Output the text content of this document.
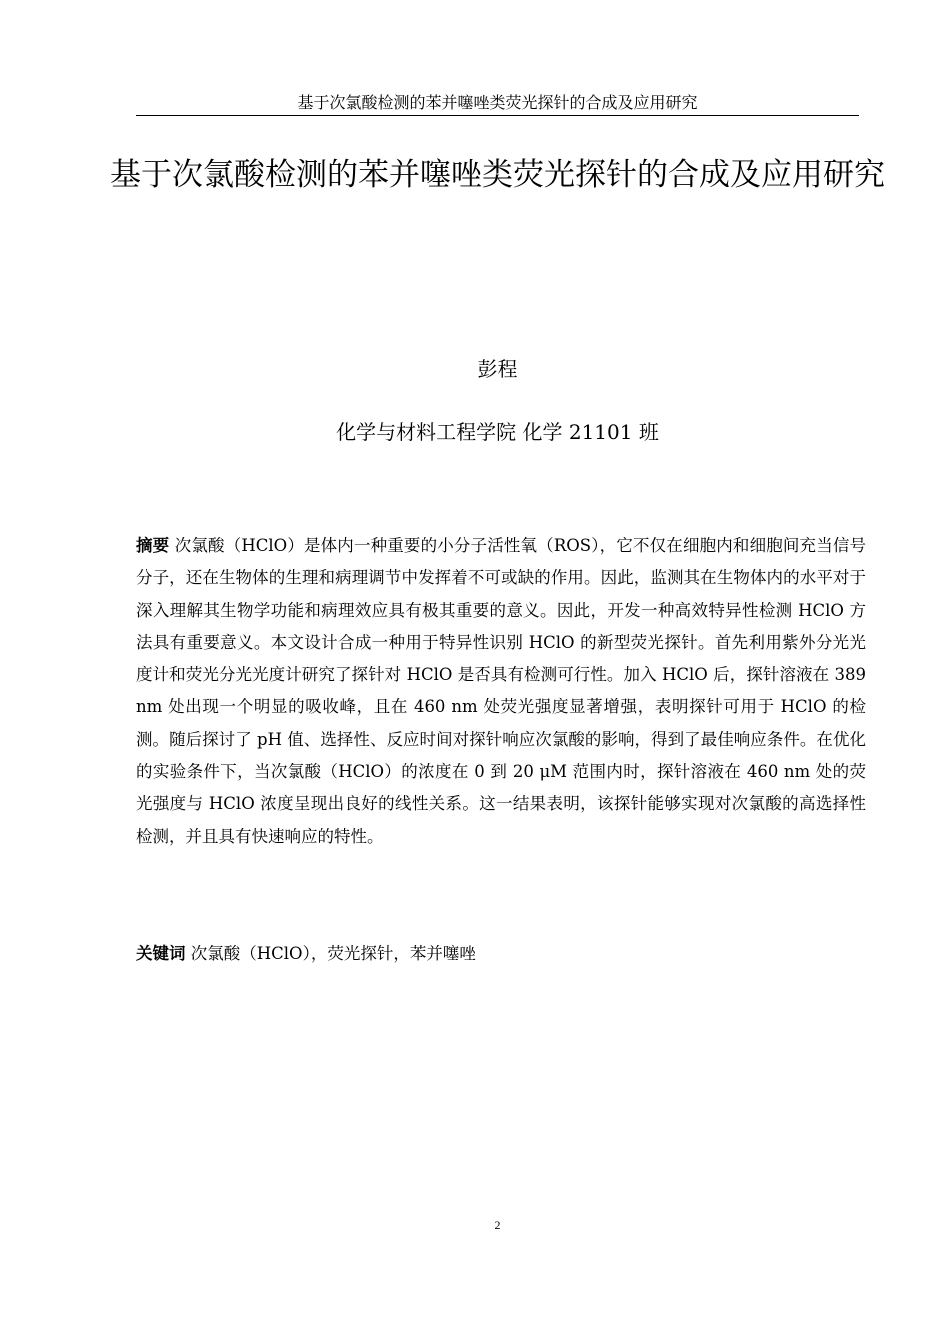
基于次氯酸检测的苯并噻唑类荧光探针的合成及应用研究
基于次氯酸检测的苯并噻唑类荧光探针的合成及应用研究
彭程
化学与材料工程学院 化学 21101 班

摘要 次氯酸（HClO）是体内一种重要的小分子活性氧（ROS），它不仅在细胞内和细胞间充当信号分子，还在生物体的生理和病理调节中发挥着不可或缺的作用。因此，监测其在生物体内的水平对于深入理解其生物学功能和病理效应具有极其重要的意义。因此，开发一种高效特异性检测 HClO 方法具有重要意义。本文设计合成一种用于特异性识别 HClO 的新型荧光探针。首先利用紫外分光光度计和荧光分光光度计研究了探针对 HClO 是否具有检测可行性。加入 HClO 后，探针溶液在 389 nm 处出现一个明显的吸收峰，且在 460 nm 处荧光强度显著增强，表明探针可用于 HClO 的检测。随后探讨了 pH 值、选择性、反应时间对探针响应次氯酸的影响，得到了最佳响应条件。在优化的实验条件下，当次氯酸（HClO）的浓度在 0 到 20 μM 范围内时，探针溶液在 460 nm 处的荧光强度与 HClO 浓度呈现出良好的线性关系。这一结果表明，该探针能够实现对次氯酸的高选择性检测，并且具有快速响应的特性。

关键词 次氯酸（HClO），荧光探针，苯并噻唑
2
